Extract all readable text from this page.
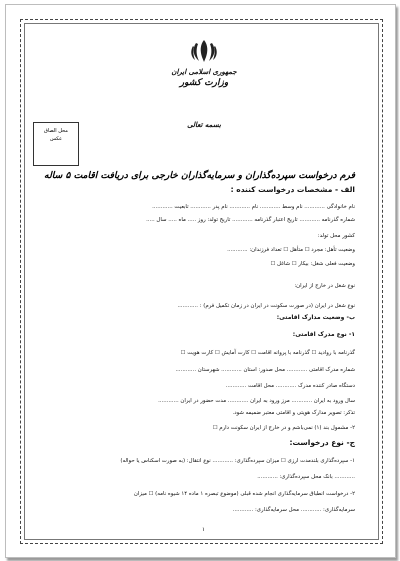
جمهوری اسلامی ایران
وزارت کشور
بسمه تعالی
محل الصاق
عکس
فرم درخواست سپرده‌گذاران و سرمایه‌گذاران خارجی برای دریافت اقامت ۵ ساله
الف - مشخصات درخواست کننده :
نام خانوادگی ............ نام وسط ............ نام ............ نام پدر ............ تابعیت ............
شماره گذرنامه ............ تاریخ اعتبار گذرنامه ............ تاریخ تولد: روز ..... ماه ..... سال .....
کشور محل تولد:
وضعیت تأهل: مجرد ☐ متأهل ☐ تعداد فرزندان: ............
وضعیت فعلی شغل: بیکار ☐ شاغل ☐
نوع شغل در خارج از ایران:
نوع شغل در ایران (در صورت سکونت در ایران در زمان تکمیل فرم) : ............
ب- وضعیت مدارک اقامتی:
۱- نوع مدرک اقامتی:
گذرنامه با روادید ☐ گذرنامه با پروانه اقامت ☐ کارت آمایش ☐ کارت هویت ☐
شماره مدرک اقامتی ............ محل صدور: استان ............ شهرستان ............
دستگاه صادر کننده مدرک ............ محل اقامت ............
سال ورود به ایران ............ مرز ورود به ایران ............ مدت حضور در ایران ............
تذکر: تصویر مدارک هویتی و اقامتی معتبر ضمیمه شود.
۲- مشمول بند (۱) نمی‌باشم و در خارج از ایران سکونت دارم ☐
ج- نوع درخواست:
۱- سپرده‌گذاری بلندمدت ارزی ☐ میزان سپرده‌گذاری: ............ نوع انتقال: (به صورت اسکناس یا حواله)
............ بانک محل سپرده‌گذاری: ............
۲- درخواست انطباق سرمایه‌گذاری انجام شده قبلی (موضوع تبصره ۱ ماده ۱۴ شیوه نامه) ☐ میزان
سرمایه‌گذاری: ............ محل سرمایه‌گذاری: ............
۱
